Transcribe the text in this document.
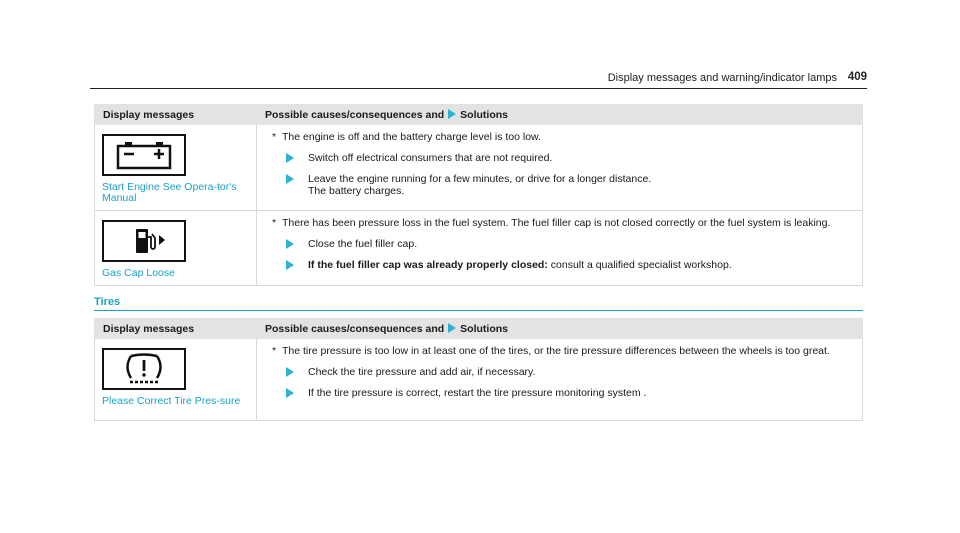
Display messages and warning/indicator lamps 409
Display messages	Possible causes/consequences and Solutions

Start Engine See Opera-tor's Manual	* The engine is off and the battery charge level is too low.
Switch off electrical consumers that are not required.
Leave the engine running for a few minutes, or drive for a longer distance.
The battery charges.

Gas Cap Loose	* There has been pressure loss in the fuel system. The fuel filler cap is not closed correctly or the fuel system is leaking.
Close the fuel filler cap.
If the fuel filler cap was already properly closed: consult a qualified specialist workshop.
Tires
Display messages	Possible causes/consequences and Solutions

Please Correct Tire Pres-sure	* The tire pressure is too low in at least one of the tires, or the tire pressure differences between the wheels is too great.
Check the tire pressure and add air, if necessary.
If the tire pressure is correct, restart the tire pressure monitoring system .
